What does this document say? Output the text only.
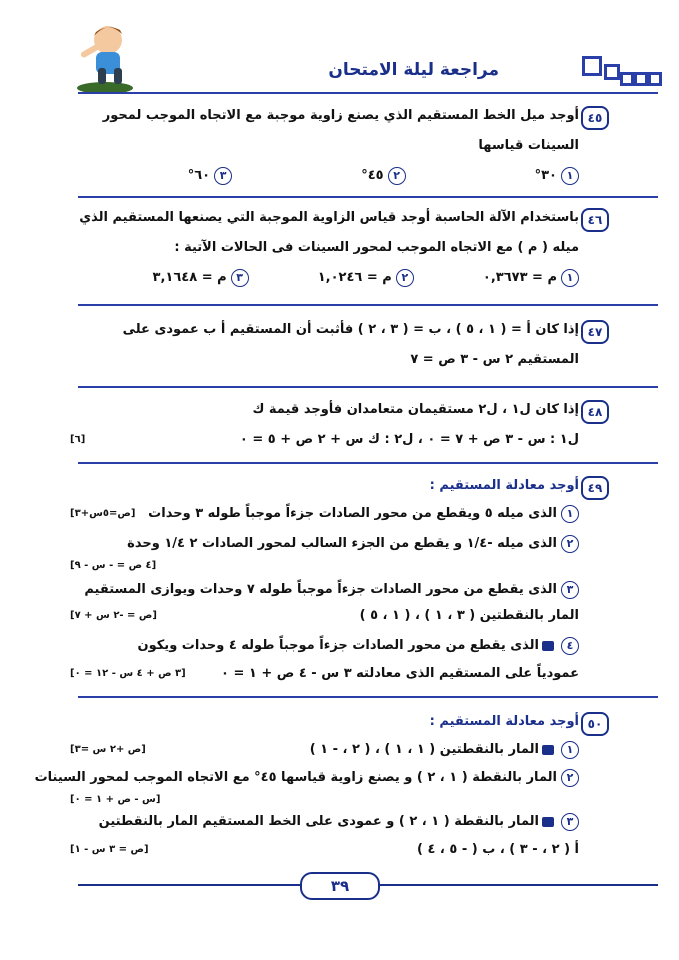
مراجعة ليلة الامتحان
٤٥
أوجد ميل الخط المستقيم الذي يصنع زاوية موجبة مع الاتجاه الموجب لمحور
السينات قياسها
١٣٠°  ٢٤٥°  ٣٦٠°
٤٦
باستخدام الآلة الحاسبة أوجد قياس الزاوية الموجبة التي يصنعها المستقيم الذي
ميله ( م ) مع الاتجاه الموجب لمحور السينات فى الحالات الآتية :
١م = ٠,٣٦٧٣  ٢م = ١,٠٢٤٦  ٣م = ٣,١٦٤٨
٤٧
إذا كان أ = ( ١ ، ٥ ) ، ب = ( ٣ ، ٢ ) فأثبت أن المستقيم أ ب عمودى على
المستقيم ٢ س - ٣ ص = ٧
٤٨
إذا كان ل١ ، ل٢ مستقيمان متعامدان فأوجد قيمة ك
ل١ : س - ٣ ص + ٧ = ٠ ، ل٢ : ك س + ٢ ص + ٥ = ٠
[٦]
٤٩
أوجد معادلة المستقيم :
١الذى ميله ٥ ويقطع من محور الصادات جزءاً موجباً طوله ٣ وحدات
[ص=٥س+٣]
٢الذى ميله -١/٤ و يقطع من الجزء السالب لمحور الصادات ٢ ١/٤ وحدة
[٤ ص = - س - ٩]
٣الذى يقطع من محور الصادات جزءاً موجباً طوله ٧ وحدات ويوازى المستقيم
المار بالنقطتين ( ٣ ، ١ ) ، ( ١ ، ٥ )
[ص = -٢ س + ٧]
٤الذى يقطع من محور الصادات جزءاً موجباً طوله ٤ وحدات ويكون
عمودياً على المستقيم الذى معادلته ٣ س - ٤ ص + ١ = ٠
[٣ ص + ٤ س - ١٢ = ٠]
٥٠
أوجد معادلة المستقيم :
١المار بالنقطتين ( ١ ، ١ ) ، ( ٢ ، - ١ )
[ص +٢ س =٣]
٢المار بالنقطة ( ١ ، ٢ ) و يصنع زاوية قياسها ٤٥° مع الاتجاه الموجب لمحور السينات
[س - ص + ١ = ٠]
٣المار بالنقطة ( ١ ، ٢ ) و عمودى على الخط المستقيم المار بالنقطتين
أ ( ٢ ، - ٣ ) ، ب ( - ٥ ، ٤ )
[ص = ٣ س - ١]
٣٩
